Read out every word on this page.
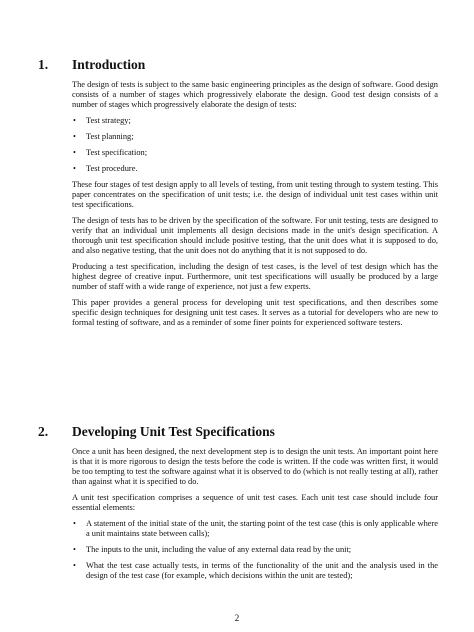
1.	Introduction

The design of tests is subject to the same basic engineering principles as the design of software. Good design consists of a number of stages which progressively elaborate the design. Good test design consists of a number of stages which progressively elaborate the design of tests:

• Test strategy;
• Test planning;
• Test specification;
• Test procedure.

These four stages of test design apply to all levels of testing, from unit testing through to system testing. This paper concentrates on the specification of unit tests; i.e. the design of individual unit test cases within unit test specifications.

The design of tests has to be driven by the specification of the software. For unit testing, tests are designed to verify that an individual unit implements all design decisions made in the unit's design specification. A thorough unit test specification should include positive testing, that the unit does what it is supposed to do, and also negative testing, that the unit does not do anything that it is not supposed to do.

Producing a test specification, including the design of test cases, is the level of test design which has the highest degree of creative input. Furthermore, unit test specifications will usually be produced by a large number of staff with a wide range of experience, not just a few experts.

This paper provides a general process for developing unit test specifications, and then describes some specific design techniques for designing unit test cases. It serves as a tutorial for developers who are new to formal testing of software, and as a reminder of some finer points for experienced software testers.

2.	Developing Unit Test Specifications

Once a unit has been designed, the next development step is to design the unit tests. An important point here is that it is more rigorous to design the tests before the code is written. If the code was written first, it would be too tempting to test the software against what it is observed to do (which is not really testing at all), rather than against what it is specified to do.

A unit test specification comprises a sequence of unit test cases. Each unit test case should include four essential elements:

• A statement of the initial state of the unit, the starting point of the test case (this is only applicable where a unit maintains state between calls);
• The inputs to the unit, including the value of any external data read by the unit;
• What the test case actually tests, in terms of the functionality of the unit and the analysis used in the design of the test case (for example, which decisions within the unit are tested);
2
